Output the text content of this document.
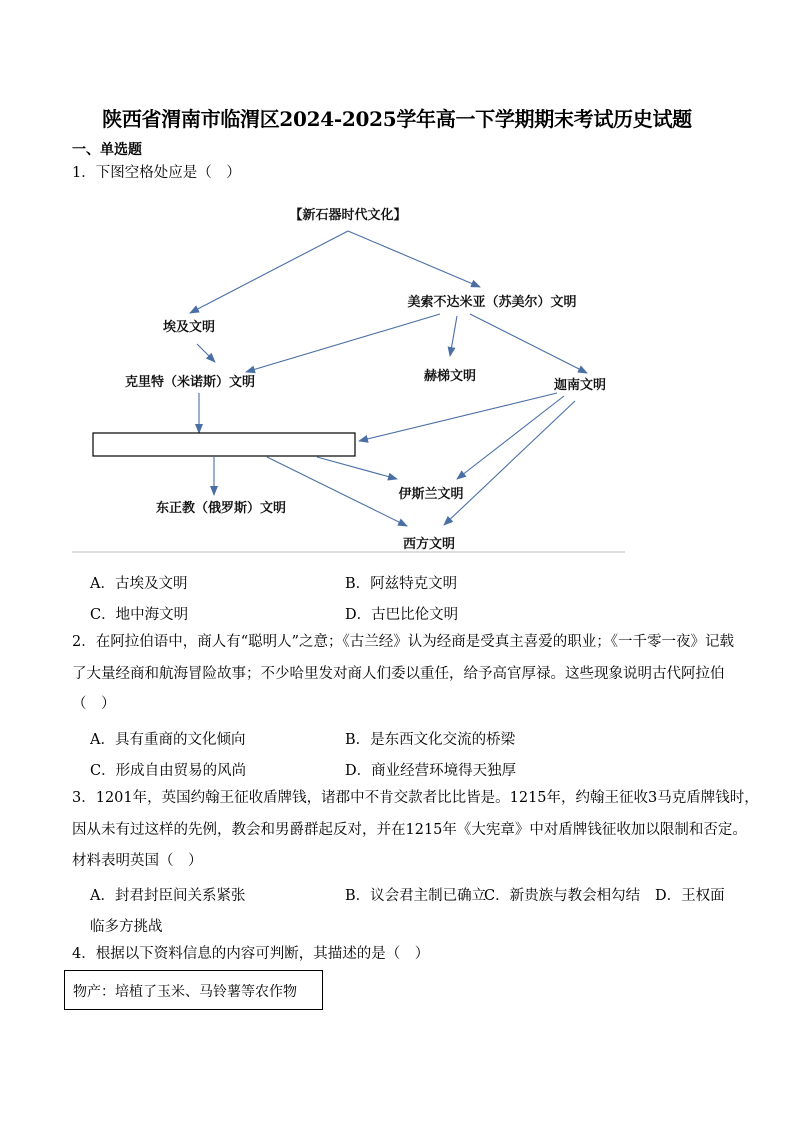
陕西省渭南市临渭区2024-2025学年高一下学期期末考试历史试题
一、单选题
1．下图空格处应是（　）
【新石器时代文化】
美索不达米亚（苏美尔）文明
埃及文明
克里特（米诺斯）文明	赫梯文明
迦南文明
东正教（俄罗斯）文明
伊斯兰文明
西方文明
A．古埃及文明	B．阿兹特克文明
C．地中海文明	D．古巴比伦文明
2．在阿拉伯语中，商人有“聪明人”之意；《古兰经》认为经商是受真主喜爱的职业；《一千零一夜》记载
了大量经商和航海冒险故事；不少哈里发对商人们委以重任，给予高官厚禄。这些现象说明古代阿拉伯
（　）
A．具有重商的文化倾向	B．是东西文化交流的桥梁
C．形成自由贸易的风尚	D．商业经营环境得天独厚
3．1201年，英国约翰王征收盾牌钱，诸郡中不肯交款者比比皆是。1215年，约翰王征收3马克盾牌钱时，
因从未有过这样的先例，教会和男爵群起反对，并在1215年《大宪章》中对盾牌钱征收加以限制和否定。
材料表明英国（　）
A．封君封臣间关系紧张	B．议会君主制已确立
C．新贵族与教会相勾结 D．王权面
临多方挑战
4．根据以下资料信息的内容可判断，其描述的是（　）
物产：培植了玉米、马铃薯等农作物
